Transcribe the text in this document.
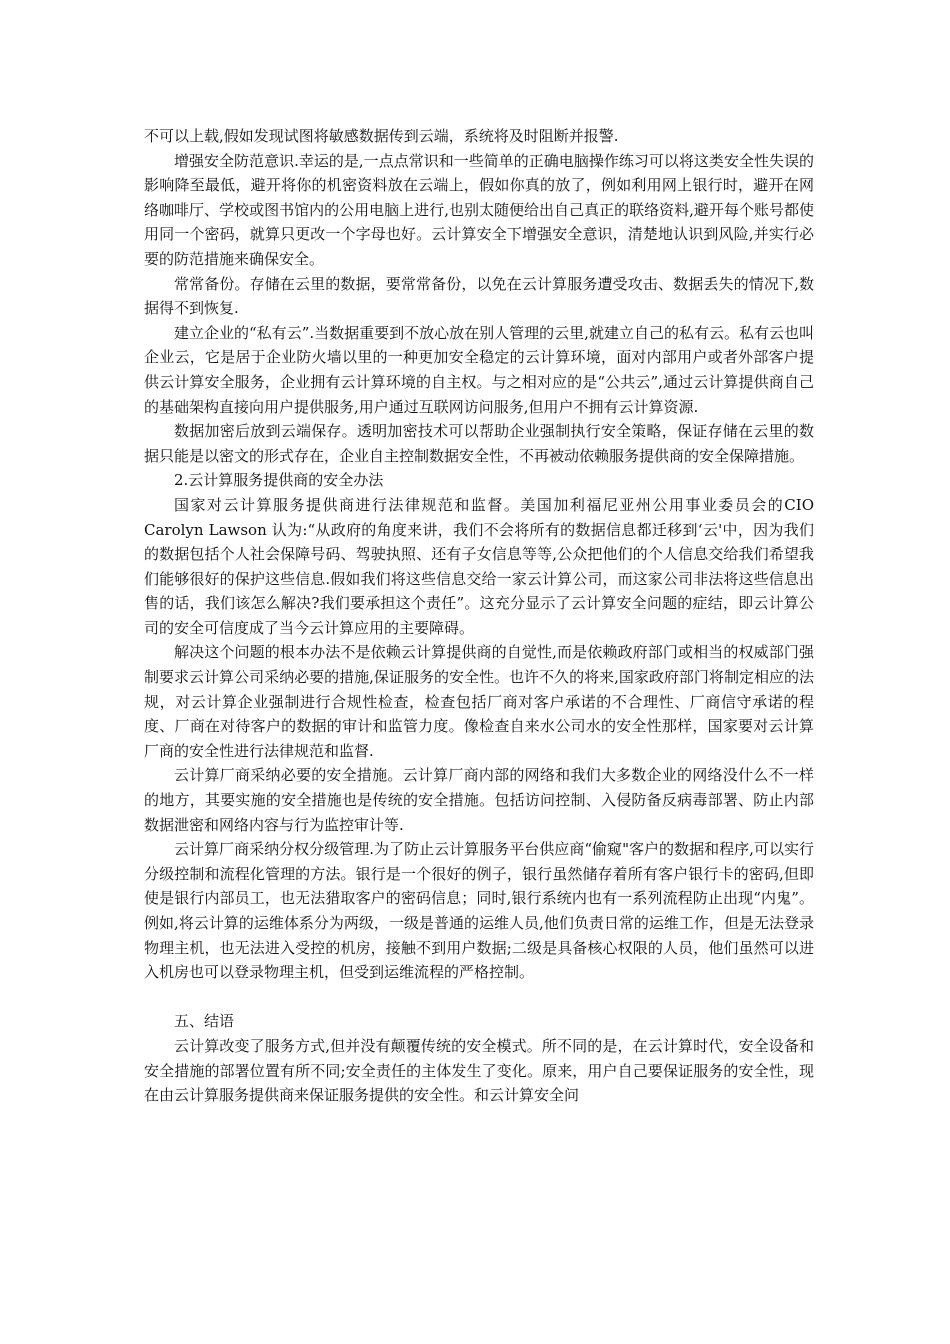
不可以上载,假如发现试图将敏感数据传到云端，系统将及时阻断并报警.

增强安全防范意识.幸运的是,一点点常识和一些简单的正确电脑操作练习可以将这类安全性失误的影响降至最低，避开将你的机密资料放在云端上，假如你真的放了，例如利用网上银行时，避开在网络咖啡厅、学校或图书馆内的公用电脑上进行,也别太随便给出自己真正的联络资料,避开每个账号都使用同一个密码，就算只更改一个字母也好。云计算安全下增强安全意识，清楚地认识到风险,并实行必要的防范措施来确保安全。

常常备份。存储在云里的数据，要常常备份，以免在云计算服务遭受攻击、数据丢失的情况下,数据得不到恢复.

建立企业的“私有云”.当数据重要到不放心放在别人管理的云里,就建立自己的私有云。私有云也叫企业云，它是居于企业防火墙以里的一种更加安全稳定的云计算环境，面对内部用户或者外部客户提供云计算安全服务，企业拥有云计算环境的自主权。与之相对应的是“公共云”,通过云计算提供商自己的基础架构直接向用户提供服务,用户通过互联网访问服务,但用户不拥有云计算资源.

数据加密后放到云端保存。透明加密技术可以帮助企业强制执行安全策略，保证存储在云里的数据只能是以密文的形式存在，企业自主控制数据安全性，不再被动依赖服务提供商的安全保障措施。

2.云计算服务提供商的安全办法

国家对云计算服务提供商进行法律规范和监督。美国加利福尼亚州公用事业委员会的CIO Carolyn Lawson 认为:“从政府的角度来讲，我们不会将所有的数据信息都迁移到‘云'中，因为我们的数据包括个人社会保障号码、驾驶执照、还有子女信息等等,公众把他们的个人信息交给我们希望我们能够很好的保护这些信息.假如我们将这些信息交给一家云计算公司，而这家公司非法将这些信息出售的话，我们该怎么解决?我们要承担这个责任”。这充分显示了云计算安全问题的症结，即云计算公司的安全可信度成了当今云计算应用的主要障碍。

解决这个问题的根本办法不是依赖云计算提供商的自觉性,而是依赖政府部门或相当的权威部门强制要求云计算公司采纳必要的措施,保证服务的安全性。也许不久的将来,国家政府部门将制定相应的法规，对云计算企业强制进行合规性检查，检查包括厂商对客户承诺的不合理性、厂商信守承诺的程度、厂商在对待客户的数据的审计和监管力度。像检查自来水公司水的安全性那样，国家要对云计算厂商的安全性进行法律规范和监督.

云计算厂商采纳必要的安全措施。云计算厂商内部的网络和我们大多数企业的网络没什么不一样的地方，其要实施的安全措施也是传统的安全措施。包括访问控制、入侵防备反病毒部署、防止内部数据泄密和网络内容与行为监控审计等.

云计算厂商采纳分权分级管理.为了防止云计算服务平台供应商“偷窥"客户的数据和程序,可以实行分级控制和流程化管理的方法。银行是一个很好的例子，银行虽然储存着所有客户银行卡的密码,但即使是银行内部员工，也无法猎取客户的密码信息；同时,银行系统内也有一系列流程防止出现“内鬼”。例如,将云计算的运维体系分为两级，一级是普通的运维人员,他们负责日常的运维工作，但是无法登录物理主机，也无法进入受控的机房，接触不到用户数据;二级是具备核心权限的人员，他们虽然可以进入机房也可以登录物理主机，但受到运维流程的严格控制。

五、结语

云计算改变了服务方式,但并没有颠覆传统的安全模式。所不同的是，在云计算时代，安全设备和安全措施的部署位置有所不同;安全责任的主体发生了变化。原来，用户自己要保证服务的安全性，现在由云计算服务提供商来保证服务提供的安全性。和云计算安全问
